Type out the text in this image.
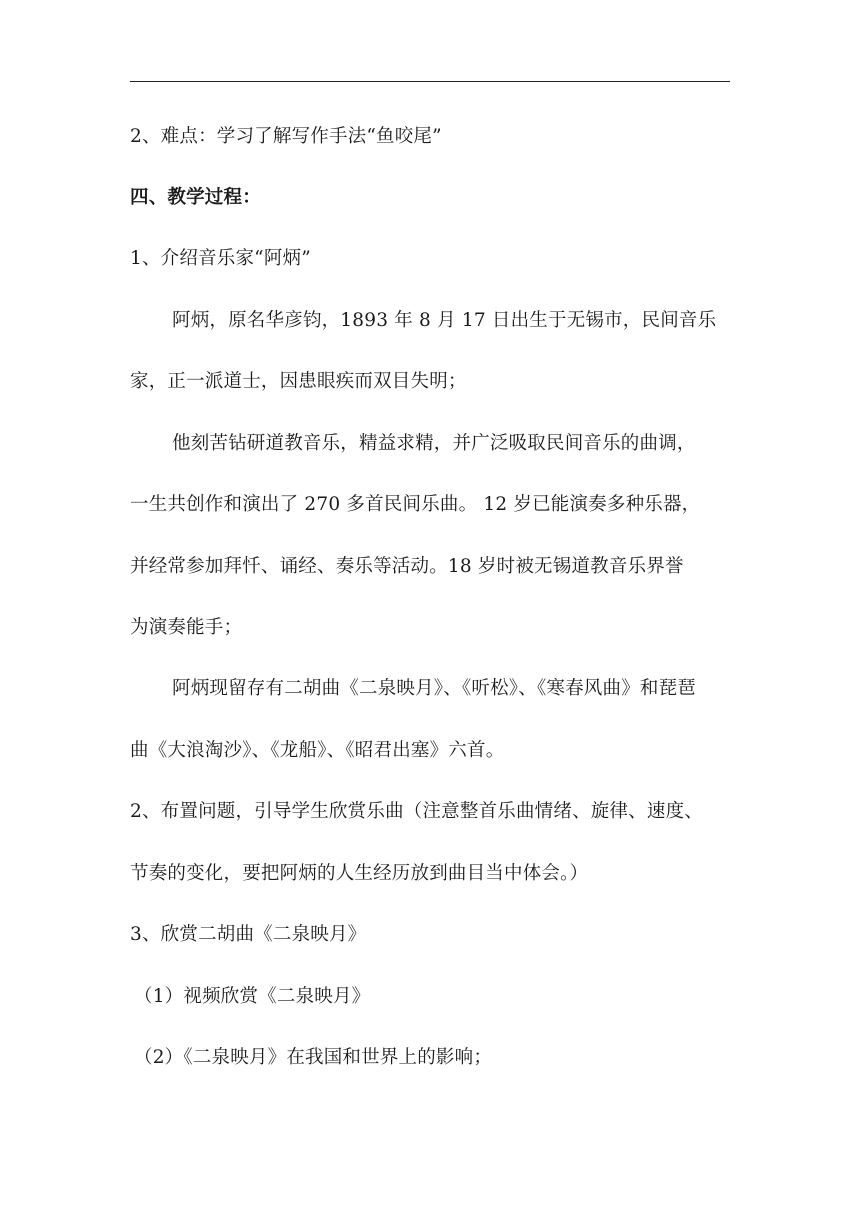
2、难点：学习了解写作手法“鱼咬尾”
四、教学过程：
1、介绍音乐家“阿炳”
阿炳，原名华彦钧，1893 年 8 月 17 日出生于无锡市，民间音乐
家，正一派道士，因患眼疾而双目失明；
他刻苦钻研道教音乐，精益求精，并广泛吸取民间音乐的曲调，
一生共创作和演出了 270 多首民间乐曲。 12 岁已能演奏多种乐器，
并经常参加拜忏、诵经、奏乐等活动。18 岁时被无锡道教音乐界誉
为演奏能手；
阿炳现留存有二胡曲《二泉映月》、《听松》、《寒春风曲》和琵琶
曲《大浪淘沙》、《龙船》、《昭君出塞》六首。
2、布置问题，引导学生欣赏乐曲（注意整首乐曲情绪、旋律、速度、
节奏的变化，要把阿炳的人生经历放到曲目当中体会。）
3、欣赏二胡曲《二泉映月》
（1）视频欣赏《二泉映月》
（2）《二泉映月》在我国和世界上的影响；
